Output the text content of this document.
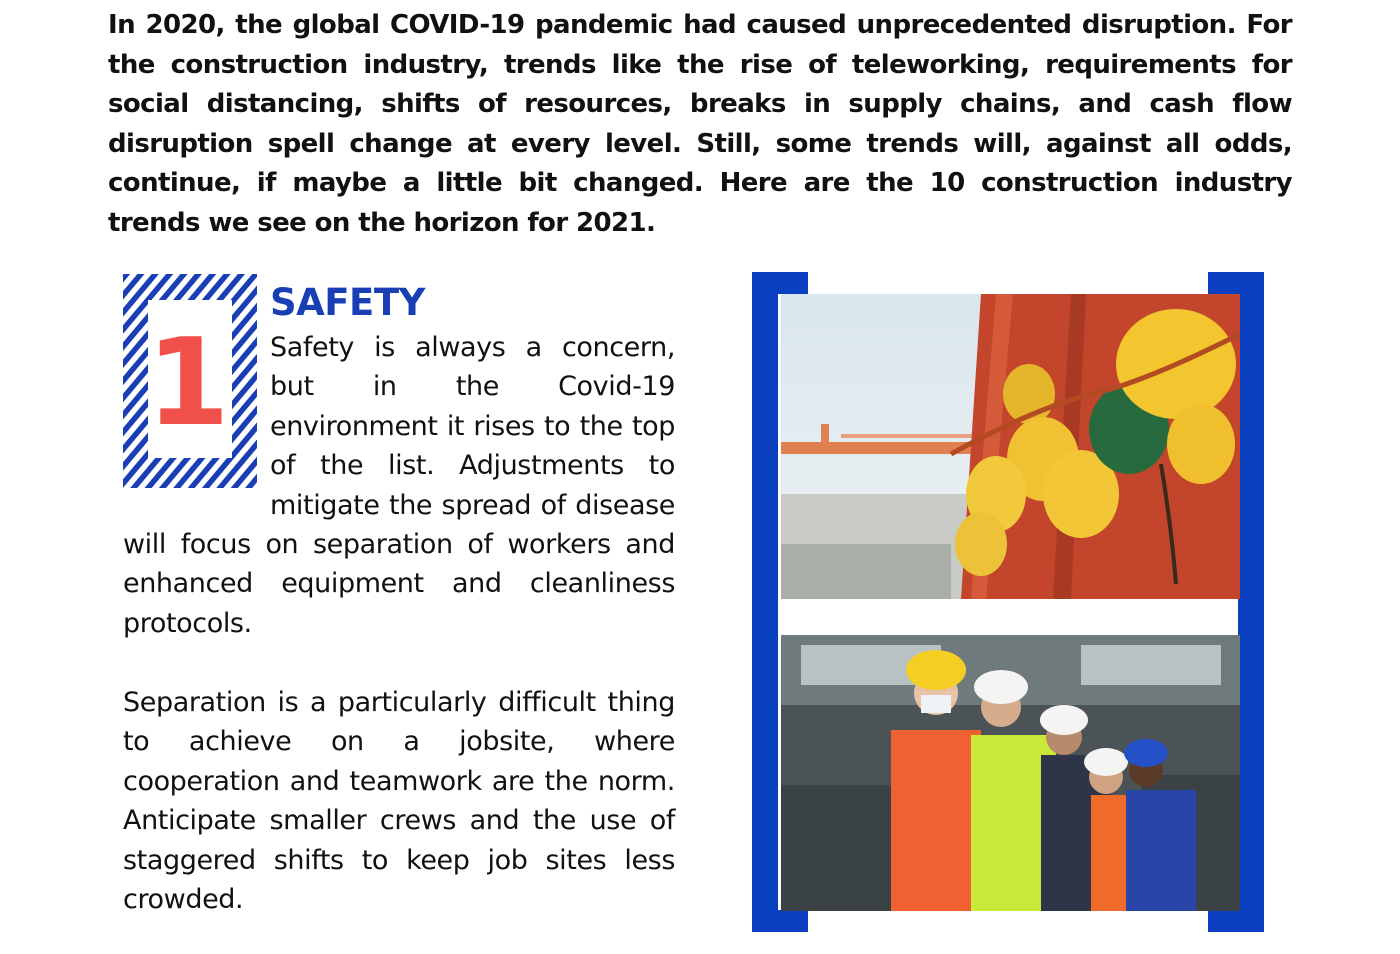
In 2020, the global COVID-19 pandemic had caused unprecedented disruption. For the construction industry, trends like the rise of teleworking, requirements for social distancing, shifts of resources, breaks in supply chains, and cash flow disruption spell change at every level. Still, some trends will, against all odds, continue, if maybe a little bit changed. Here are the 10 construction industry trends we see on the horizon for 2021.

1
SAFETY

Safety is always a concern, but in the Covid-19 environment it rises to the top of the list. Adjustments to mitigate the spread of disease will focus on separation of workers and enhanced equipment and cleanliness protocols.

Separation is a particularly difficult thing to achieve on a jobsite, where cooperation and teamwork are the norm. Anticipate smaller crews and the use of staggered shifts to keep job sites less crowded.
